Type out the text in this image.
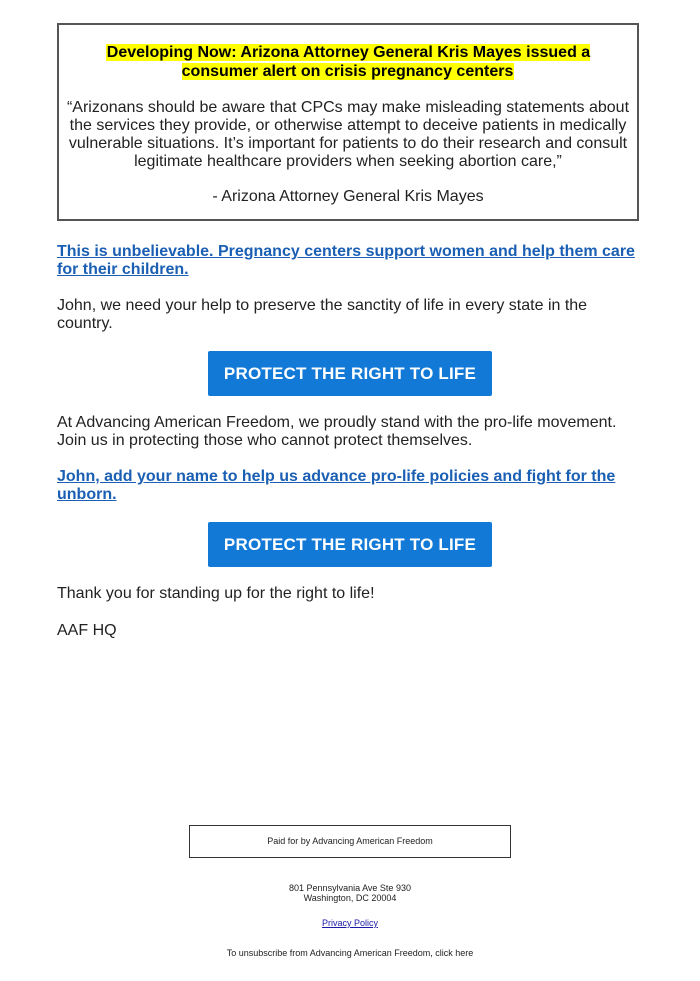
Developing Now: Arizona Attorney General Kris Mayes issued a consumer alert on crisis pregnancy centers
“Arizonans should be aware that CPCs may make misleading statements about the services they provide, or otherwise attempt to deceive patients in medically vulnerable situations. It’s important for patients to do their research and consult legitimate healthcare providers when seeking abortion care,”
- Arizona Attorney General Kris Mayes
This is unbelievable. Pregnancy centers support women and help them care for their children.
John, we need your help to preserve the sanctity of life in every state in the country.
PROTECT THE RIGHT TO LIFE
At Advancing American Freedom, we proudly stand with the pro-life movement. Join us in protecting those who cannot protect themselves.
John, add your name to help us advance pro-life policies and fight for the unborn.
PROTECT THE RIGHT TO LIFE
Thank you for standing up for the right to life!
AAF HQ
Paid for by Advancing American Freedom
801 Pennsylvania Ave Ste 930
Washington, DC 20004
Privacy Policy
To unsubscribe from Advancing American Freedom, click here
